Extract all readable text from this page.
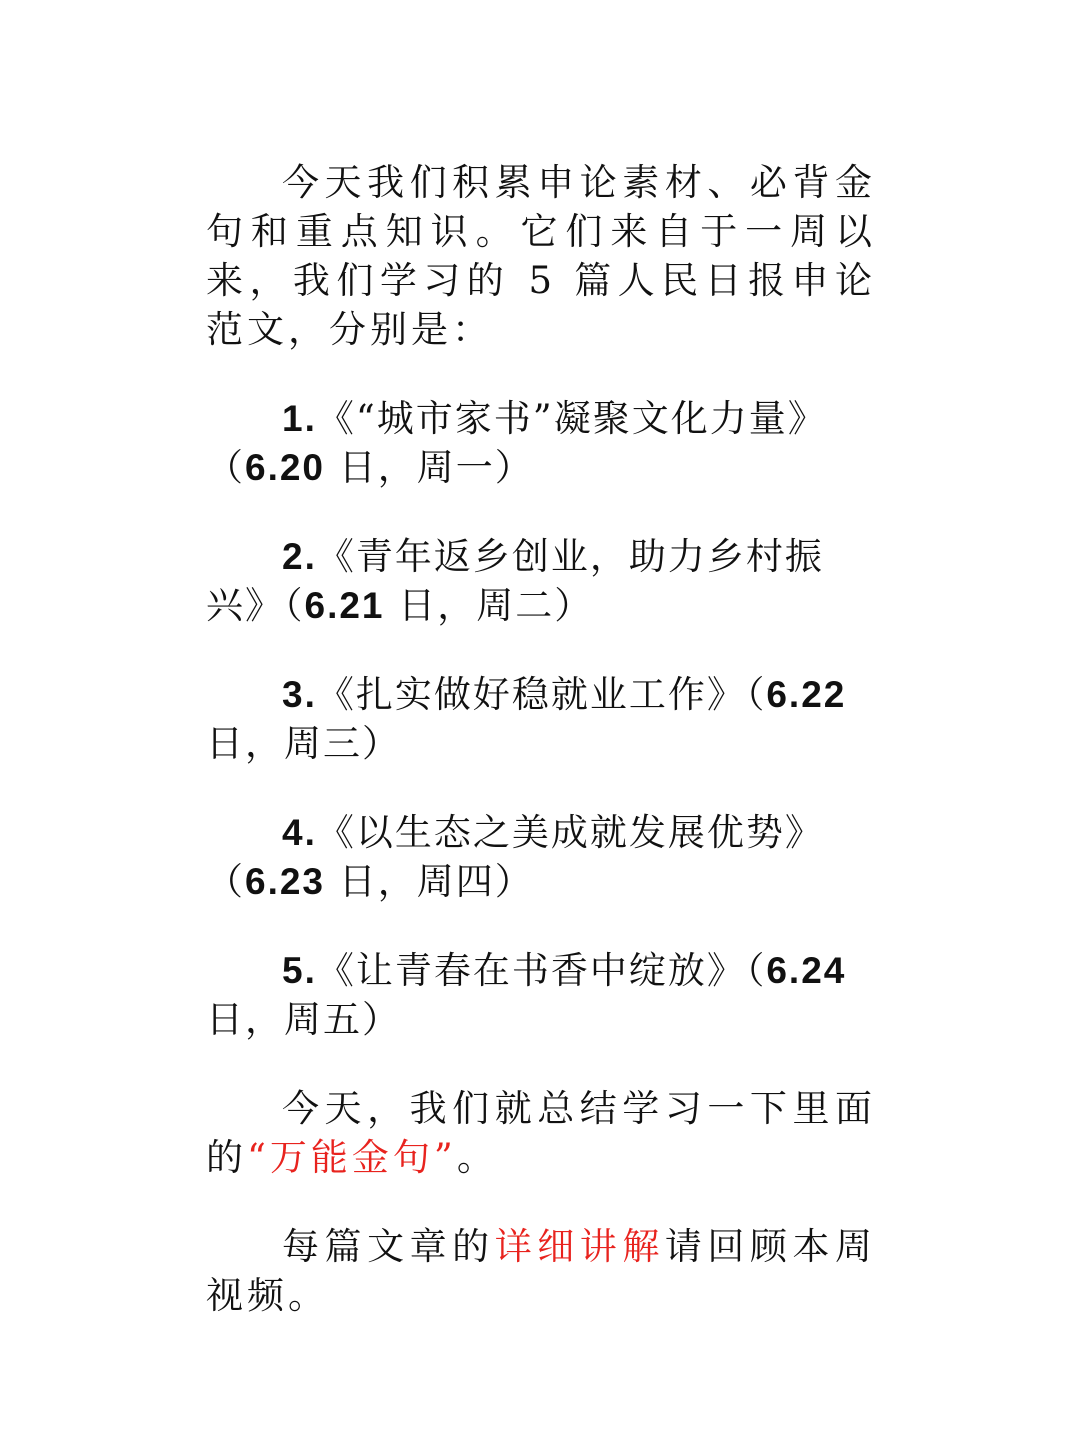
今天我们积累申论素材、必背金句和重点知识。它们来自于一周以来，我们学习的 5 篇人民日报申论范文，分别是：

1.《“城市家书”凝聚文化力量》（6.20 日，周一）

2.《青年返乡创业，助力乡村振兴》（6.21 日，周二）

3.《扎实做好稳就业工作》（6.22 日，周三）

4.《以生态之美成就发展优势》（6.23 日，周四）

5.《让青春在书香中绽放》（6.24 日，周五）

今天，我们就总结学习一下里面的“万能金句”。

每篇文章的详细讲解请回顾本周视频。
